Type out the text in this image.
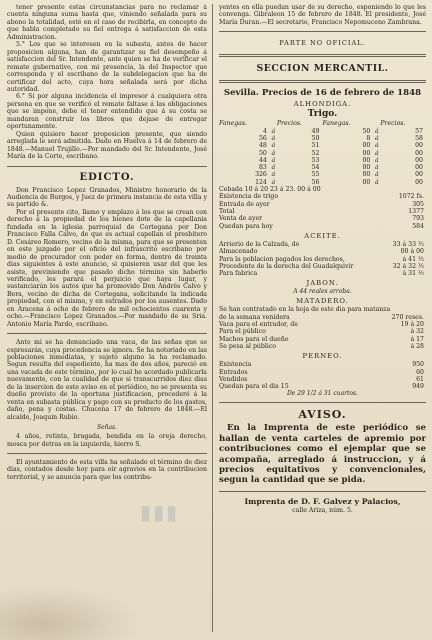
tener presente estas circunstancias para no reclamar á cuenta ninguna suma hasta que, viniendo señalada para su abono la totalidad, esté en el caso de recibirla, en concepto de que habla completado su fiel entrega á satisfaccion de esta Administracion.

5.° Los que se interesen en la subasta, antes de hacer proposicion alguna, han de garantizar su fiel desempeño á satisfaccion del Sr. Intendente, ante quien se ha de verificar el remate gubernativo, con mi presencia, la del Inspector que corresponda y el escribano de la subdelegacion que ha de certificar del acto, cuya hora señalada será por dicha autoridad.

6.° Si por alguna incidencia el impresor á cualquiera otra persona en que se verificó el remate faltase á las obligaciones que se impone, debe el tener entendido que á su costa se mandaran construir los libros que dejase de entregar oportunamente.

Quien quisiere hacer proposicion presente, que siendo arreglada le será admitida. Dado en Huelva á 14 de febrero de 1848.—Manuel Trujillo.—Por mandado del Sr. Intendente, José María de la Corte, escribano.

EDICTO.

Don Francisco Lopez Granados, Ministro honorario de la Audiencia de Burgos, y Juez de primera instancia de esta villa y su partido &.

Por el presente cito, llamo y emplazo á los que se crean con derecho á la propiedad de los bienes dote de la capellania fundada en la iglesia parroquial de Cortegana por Don Francisco Falla Calvo, de que es actual capellan el presbitero D. Cesáreo Romero, vecino de la misma, para que se presenten en este juzgado por el oficio del infrascrito escribano por medio de procurador con poder en forma, dentro de treinta dias siguientes á este anuncio, si quisieren usar del que les asiste, previniendo que pasado dicho término sin haberlo verificado, les parará el perjuicio que haya lugar, y sustanciarán los autos que ha promovido Don Andrés Calvo y Bera, vecino de dicha de Cortegana, solicitando la indicada propiedad, con el mismo, y en estrados por los ausentes. Dado en Aracena á ocho de febrero de mil ochocientos cuarenta y ocho.—Francisco Lopez Granados.—Por mandado de su Sria. Antonio María Pardo, escribano.

Ante mí se ha denunciado una vaca, de las señas que se espresarán, cuya procedencia se ignora. Se ha notoriado en las poblaciones inmediatas, y sujeto alguno la ha reclamado. Segun resulta del espediente, ha mas de dos años, pareció en una vacada de este término, por lo cual he acordado publicarla nuevamente, con la cualidad de que si transcurridos diez dias de la insercion de este aviso en el periódico, no se presenta su dueño provisto de la oportuna justificacion, procederé á la venta en subasta pública y pago con su producto de los gastos, daño, pena y costas. Chucena 17 de febrero de 1848.—El alcalde, Joaquin Rubio.

Señas.

4 años, retinta, bragada, bendida en la oreja derecho, mosca por detras en la izquierda, hierro S.

El ayuntamiento de esta villa ha señalado el término de diez dias, contados desde hoy para oir agravios en la contribucion territorial, y se anuncia para que los contribu-

yentes en ella puedan usar de su derecho, esponiendo lo que les convenga. Gibraleon 15 de febrero de 1848. El presidente, José María Duran.—El secretario, Francisco Nepomuceno Zambrana.

PARTE NO OFICIAL.
SECCION MERCANTIL.
Sevilla. Precios de 16 de febrero de 1848
ALHONDIGA.
Trigo.
Fanegas.		Precios.	Fanegas.		Precios.
4	á	49	50	á	57
56	á	50	8	á	58
48	á	51	00	á	00
50	á	52	00	á	00
44	á	53	00	á	00
83	á	54	00	á	00
326	á	55	00	á	00
124	á	56	00	á	00

Cebada 10 á 20 23 á 23. 00 á 00

Existencia de trigo	1072 fs.
Entrada de ayer	305
Total	1377
Venta de ayer	793
Quedan para hoy	584
ACEITE.
Arrierio de la Calzada, de	33 á 33 ½
Almacenado	00 á 00
Para la poblacion pagados los derechos,	á 41 ½
Procedente de la derecha del Guadalquivir	32 á 32 ½
Para fabrica	á 31 ½
JABON.
A 44 reales arroba.
MATADERO.
Se han contratado en la hoja de este dia para matanza de la semana venidera	270 reses.
Vaca para el entrador, de	19 á 20
Para el público	á 32
Machos para el dueño	á 17
Se pesa al público	á 28
PERNEO.
Existencia	950
Entrados	60
Vendidos	61
Quedan para el dia 15	949
De 29 1/2 á 31 cuartos.
AVISO.

En la Imprenta de este periódico se hallan de venta carteles de apremio por contribuciones como el ejemplar que se acompaña, arreglado á instruccion, y á precios equitativos y convencionales, segun la cantidad que se pida.

Imprenta de D. F. Galvez y Palacios,
calle Ariza, núm. 5.
▮▮▮
